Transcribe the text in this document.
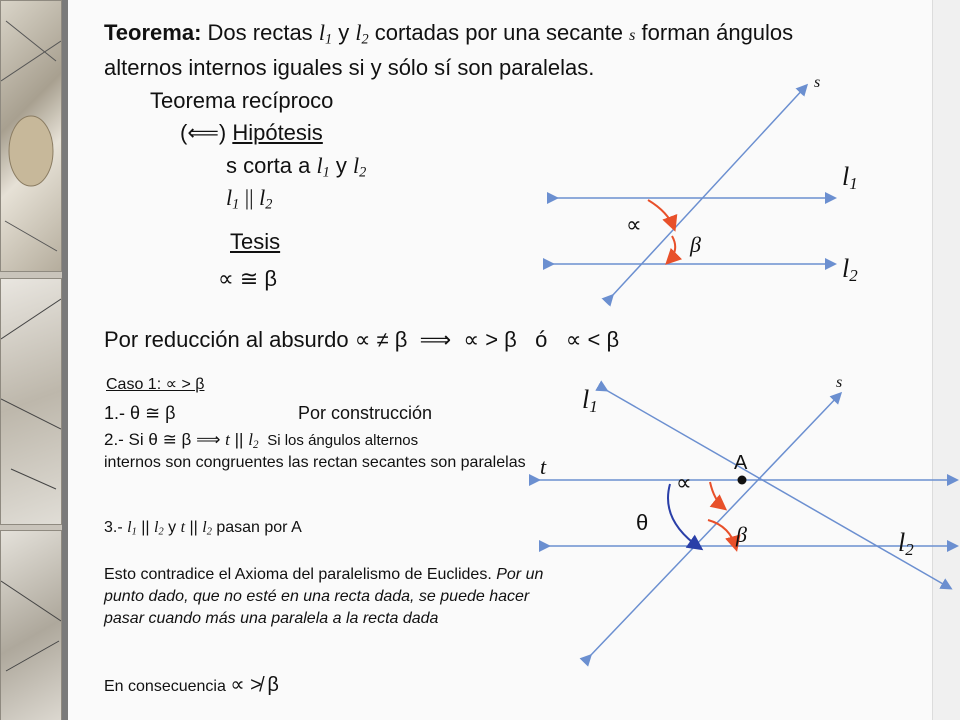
Teorema: Dos rectas $l_1$ y $l_2$ cortadas por una secante s forman ángulos
alternos internos iguales si y sólo sí son paralelas.
Teorema recíproco
(⟸) Hipótesis
s corta a $l_1$ y $l_2$
$l_1$ || $l_2$
Tesis
∝ ≅ β
Por reducción al absurdo ∝ ≠ β  ⟹  ∝ > β   ó   ∝ < β
Caso 1: ∝ > β
1.- θ ≅ β	Por construcción
2.- Si θ ≅ β ⟹ t || $l_2$ Si los ángulos alternos
internos son congruentes las rectan secantes son paralelas
3.- $l_1$ || $l_2$ y t || $l_2$ pasan por A
Esto contradice el Axioma del paralelismo de Euclides. Por un punto dado, que no esté en una recta dada, se puede hacer pasar cuando más una paralela a la recta dada
En consecuencia ∝ ≯ β
s
$l_1$
$l_2$
∝
β
s
$l_1$
$l_2$
t	A
∝
θ	β
